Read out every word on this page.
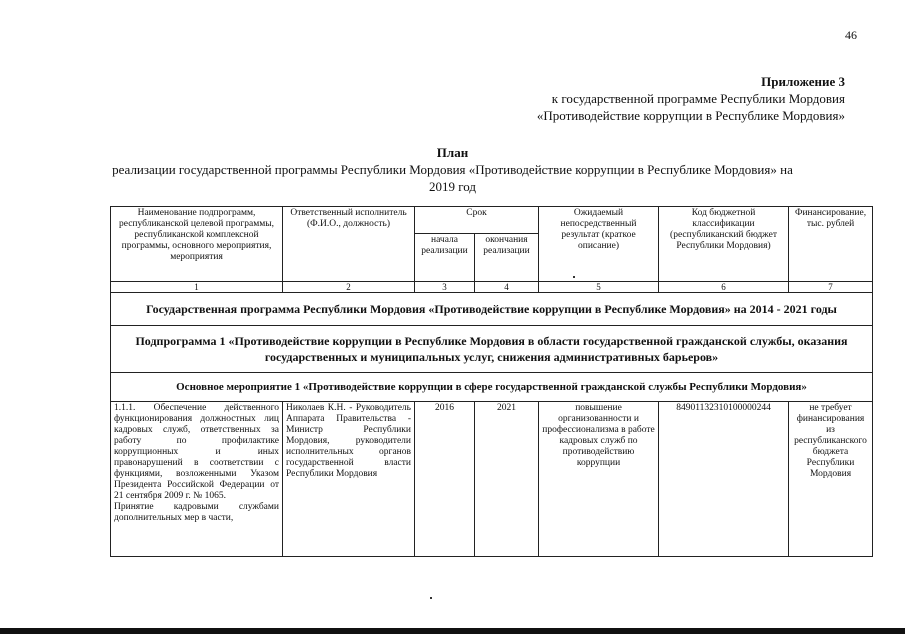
46
Приложение 3
к государственной программе Республики Мордовия
«Противодействие коррупции в Республике Мордовия»
План
реализации государственной программы Республики Мордовия «Противодействие коррупции в Республике Мордовия» на 2019 год
Наименование подпрограмм, республиканской целевой программы, республиканской комплексной программы, основного мероприятия, мероприятия	Ответственный исполнитель (Ф.И.О., должность)	Срок		Ожидаемый непосредственный результат (краткое описание)	Код бюджетной классификации (республиканский бюджет Республики Мордовия)	Финансирование, тыс. рублей
		начала реализации	окончания реализации			
1	2	3	4	5	6	7
Государственная программа Республики Мордовия «Противодействие коррупции в Республике Мордовия» на 2014 - 2021 годы						
Подпрограмма 1 «Противодействие коррупции в Республике Мордовия в области государственной гражданской службы, оказания государственных и муниципальных услуг, снижения административных барьеров»						
Основное мероприятие 1 «Противодействие коррупции в сфере государственной гражданской службы Республики Мордовия»						

1.1.1. Обеспечение действенного функционирования должностных лиц кадровых служб, ответственных за работу по профилактике коррупционных и иных правонарушений в соответствии с функциями, возложенными Указом Президента Российской Федерации от 21 сентября 2009 г. № 1065.
Принятие кадровыми службами дополнительных мер в части,	Николаев К.Н. - Руководитель Аппарата Правительства - Министр Республики Мордовия, руководители исполнительных органов государственной власти Республики Мордовия	2016	2021	повышение организованности и профессионализма в работе кадровых служб по противодействию коррупции	84901132310100000244	не требует финансирования из республиканского бюджета Республики Мордовия
